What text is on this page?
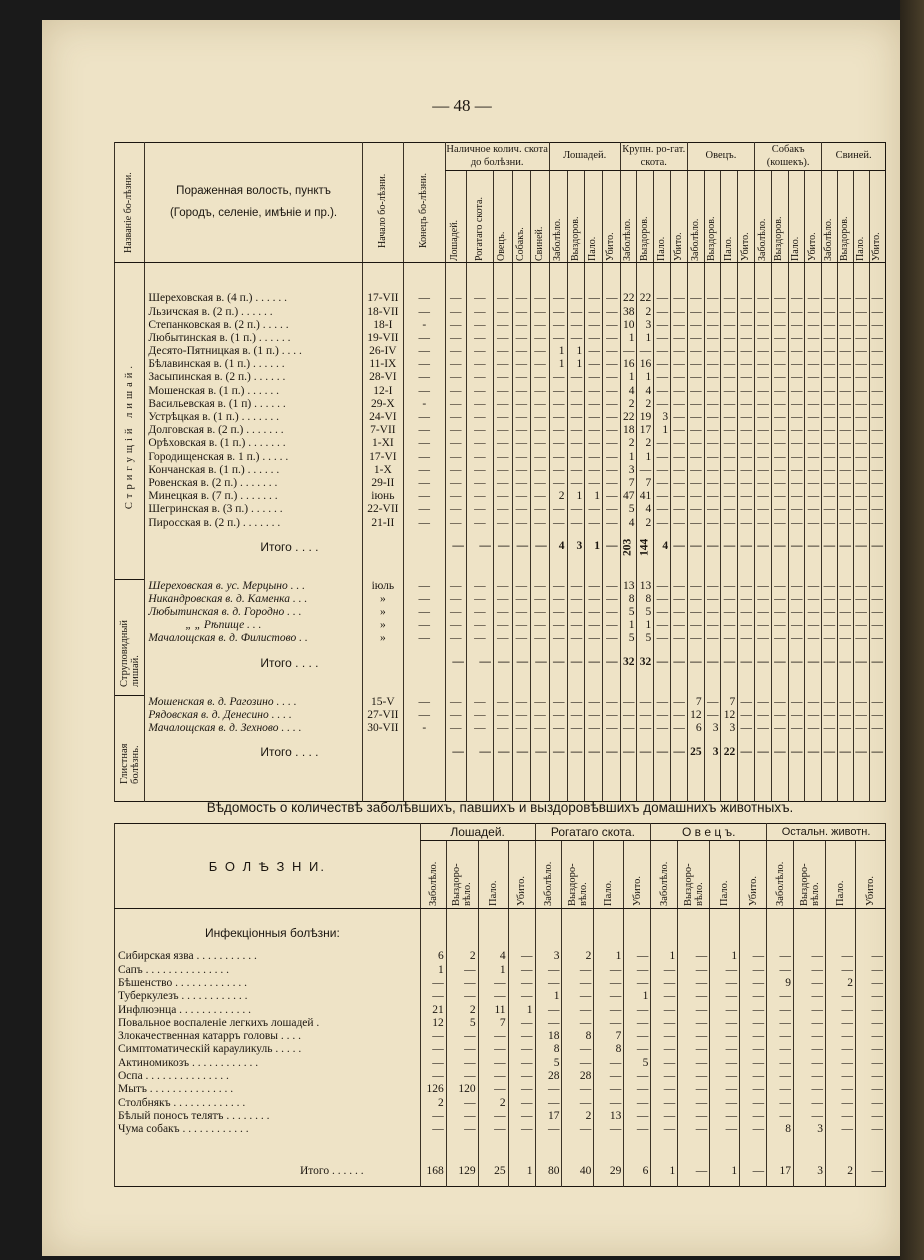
— 48 —
Названіе бо-лѣзни.	Пораженная волость, пунктъ
(Городъ, селеніе, имѣніе и пр.).	Начало бо-лѣзни.	Конецъ бо-лѣзни.	Наличное колич. скота до болѣзни.					Лошадей.				Крупн. ро-гат. скота.				Овецъ.				Собакъ (кошекъ).				Свиней.			

				Лошадей.	Рогатаго скота.	Овецъ.	Собакъ.	Свиней.	Заболѣло.	Выздоров.	Пало.	Убито.	Заболѣло.	Выздоров.	Пало.	Убито.	Заболѣло.	Выздоров.	Пало.	Убито.	Заболѣло.	Выздоров.	Пало.	Убито.	Заболѣло.	Выздоров.	Пало.	Убито.

Стригущій лишай.	Шереховская в. (4 п.) . . . . . .	17-VII	—	—	—	—	—	—	—	—	—	—	22	22	—	—	—	—	—	—	—	—	—	—	—	—	—	—
	Льзичская в. (2 п.) . . . . . .	18-VII	—	—	—	—	—	—	—	—	—	—	38	2	—	—	—	—	—	—	—	—	—	—	—	—	—	—
	Степанковская в. (2 п.) . . . . .	18-I	-	—	—	—	—	—	—	—	—	—	10	3	—	—	—	—	—	—	—	—	—	—	—	—	—	—
	Любытинская в. (1 п.) . . . . . .	19-VII	—	—	—	—	—	—	—	—	—	—	1	1	—	—	—	—	—	—	—	—	—	—	—	—	—	—
	Десято-Пятницкая в. (1 п.) . . . .	26-IV	—	—	—	—	—	—	1	1	—	—	—	—	—	—	—	—	—	—	—	—	—	—	—	—	—	—
	Бѣлавинская в. (1 п.) . . . . . .	11-IX	—	—	—	—	—	—	1	1	—	—	16	16	—	—	—	—	—	—	—	—	—	—	—	—	—	—
	Засыпинская в. (2 п.) . . . . . .	28-VI	—	—	—	—	—	—	—	—	—	—	1	1	—	—	—	—	—	—	—	—	—	—	—	—	—	—
	Мошенская в. (1 п.) . . . . . .	12-I	—	—	—	—	—	—	—	—	—	—	4	4	—	—	—	—	—	—	—	—	—	—	—	—	—	—
	Васильевская в. (1 п) . . . . . .	29-X	-	—	—	—	—	—	—	—	—	—	2	2	—	—	—	—	—	—	—	—	—	—	—	—	—	—
	Устрѣцкая в. (1 п.) . . . . . . .	24-VI	—	—	—	—	—	—	—	—	—	—	22	19	3	—	—	—	—	—	—	—	—	—	—	—	—	—
	Долговская в. (2 п.) . . . . . . .	7-VII	—	—	—	—	—	—	—	—	—	—	18	17	1	—	—	—	—	—	—	—	—	—	—	—	—	—
	Орѣховская в. (1 п.) . . . . . . .	1-XI	—	—	—	—	—	—	—	—	—	—	2	2	—	—	—	—	—	—	—	—	—	—	—	—	—	—
	Городищенская в. 1 п.) . . . . .	17-VI	—	—	—	—	—	—	—	—	—	—	1	1	—	—	—	—	—	—	—	—	—	—	—	—	—	—
	Кончанская в. (1 п.) . . . . . .	1-X	—	—	—	—	—	—	—	—	—	—	3	—	—	—	—	—	—	—	—	—	—	—	—	—	—	—
	Ровенская в. (2 п.) . . . . . . .	29-II	—	—	—	—	—	—	—	—	—	—	7	7	—	—	—	—	—	—	—	—	—	—	—	—	—	—
	Минецкая в. (7 п.) . . . . . . .	іюнь	—	—	—	—	—	—	2	1	1	—	47	41	—	—	—	—	—	—	—	—	—	—	—	—	—	—
	Шегринская в. (3 п.) . . . . . .	22-VII	—	—	—	—	—	—	—	—	—	—	5	4	—	—	—	—	—	—	—	—	—	—	—	—	—	—
	Пиросская в. (2 п.) . . . . . . .	21-II	—	—	—	—	—	—	—	—	—	—	4	2	—	—	—	—	—	—	—	—	—	—	—	—	—	—
	Итого . . . .			—	—	—	—	—	4	3	1	—	203	144	4	—	—	—	—	—	—	—	—	—	—	—	—	—

Струповидный лишай.	Шереховская в. ус. Мерцыно . . .	іюль	—	—	—	—	—	—	—	—	—	—	13	13	—	—	—	—	—	—	—	—	—	—	—	—	—	—
	Никандровская в. д. Каменка . . .	»	—	—	—	—	—	—	—	—	—	—	8	8	—	—	—	—	—	—	—	—	—	—	—	—	—	—
	Любытинская в. д. Городно . . .	»	—	—	—	—	—	—	—	—	—	—	5	5	—	—	—	—	—	—	—	—	—	—	—	—	—	—
	„ „ Рѣпище . . .	»	—	—	—	—	—	—	—	—	—	—	1	1	—	—	—	—	—	—	—	—	—	—	—	—	—	—
	Мачалощская в. д. Филистово . .	»	—	—	—	—	—	—	—	—	—	—	5	5	—	—	—	—	—	—	—	—	—	—	—	—	—	—
	Итого . . . .			—	—	—	—	—	—	—	—	—	32	32	—	—	—	—	—	—	—	—	—	—	—	—	—	—

Глистная болѣзнь.	Мошенская в. д. Рагозино . . . .	15-V	—	—	—	—	—	—	—	—	—	—	—	—	—	—	7	—	7	—	—	—	—	—	—	—	—	—
	Рядовская в. д. Денесино . . . .	27-VII	—	—	—	—	—	—	—	—	—	—	—	—	—	—	12	—	12	—	—	—	—	—	—	—	—	—
	Мачалощская в. д. Зехново . . . .	30-VII	-	—	—	—	—	—	—	—	—	—	—	—	—	—	6	3	3	—	—	—	—	—	—	—	—	—
	Итого . . . .			—	—	—	—	—	—	—	—	—	—	—	—	—	25	3	22	—	—	—	—	—	—	—	—	—

Вѣдомость о количествѣ заболѣвшихъ, павшихъ и выздоровѣвшихъ домашнихъ животныхъ.
Б О Л Ѣ З Н И.	Лошадей.				Рогатаго скота.				О в е ц ъ.				Остальн. животн.			

	Заболѣло.	Выздоро-вѣло.	Пало.	Убито.	Заболѣло.	Выздоро-вѣло.	Пало.	Убито.	Заболѣло.	Выздоро-вѣло.	Пало.	Убито.	Заболѣло.	Выздоро-вѣло.	Пало.	Убито.

Инфекціонныя болѣзни:																
Сибирская язва . . . . . . . . . . .	6	2	4	—	3	2	1	—	1	—	1	—	—	—	—	—
Сапъ . . . . . . . . . . . . . . .	1	—	1	—	—	—	—	—	—	—	—	—	—	—	—	—
Бѣшенство . . . . . . . . . . . . .	—	—	—	—	—	—	—	—	—	—	—	—	9	—	2	—
Туберкулезъ . . . . . . . . . . . .	—	—	—	—	1	—	—	1	—	—	—	—	—	—	—	—
Инфлюэнца . . . . . . . . . . . . .	21	2	11	1	—	—	—	—	—	—	—	—	—	—	—	—
Повальное воспаленіе легкихъ лошадей .	12	5	7	—	—	—	—	—	—	—	—	—	—	—	—	—
Злокачественная катарръ головы . . . .	—	—	—	—	18	8	7	—	—	—	—	—	—	—	—	—
Симптоматическій карауликуль . . . . .	—	—	—	—	8	—	8	—	—	—	—	—	—	—	—	—
Актиномикозъ . . . . . . . . . . . .	—	—	—	—	5	—	—	5	—	—	—	—	—	—	—	—
Оспа . . . . . . . . . . . . . . .	—	—	—	—	28	28	—	—	—	—	—	—	—	—	—	—
Мытъ . . . . . . . . . . . . . . .	126	120	—	—	—	—	—	—	—	—	—	—	—	—	—	—
Столбнякъ . . . . . . . . . . . . .	2	—	2	—	—	—	—	—	—	—	—	—	—	—	—	—
Бѣлый поносъ телятъ . . . . . . . .	—	—	—	—	17	2	13	—	—	—	—	—	—	—	—	—
Чума собакъ . . . . . . . . . . . .	—	—	—	—	—	—	—	—	—	—	—	—	8	3	—	—

Итого . . . . . .	168	129	25	1	80	40	29	6	1	—	1	—	17	3	2	—
